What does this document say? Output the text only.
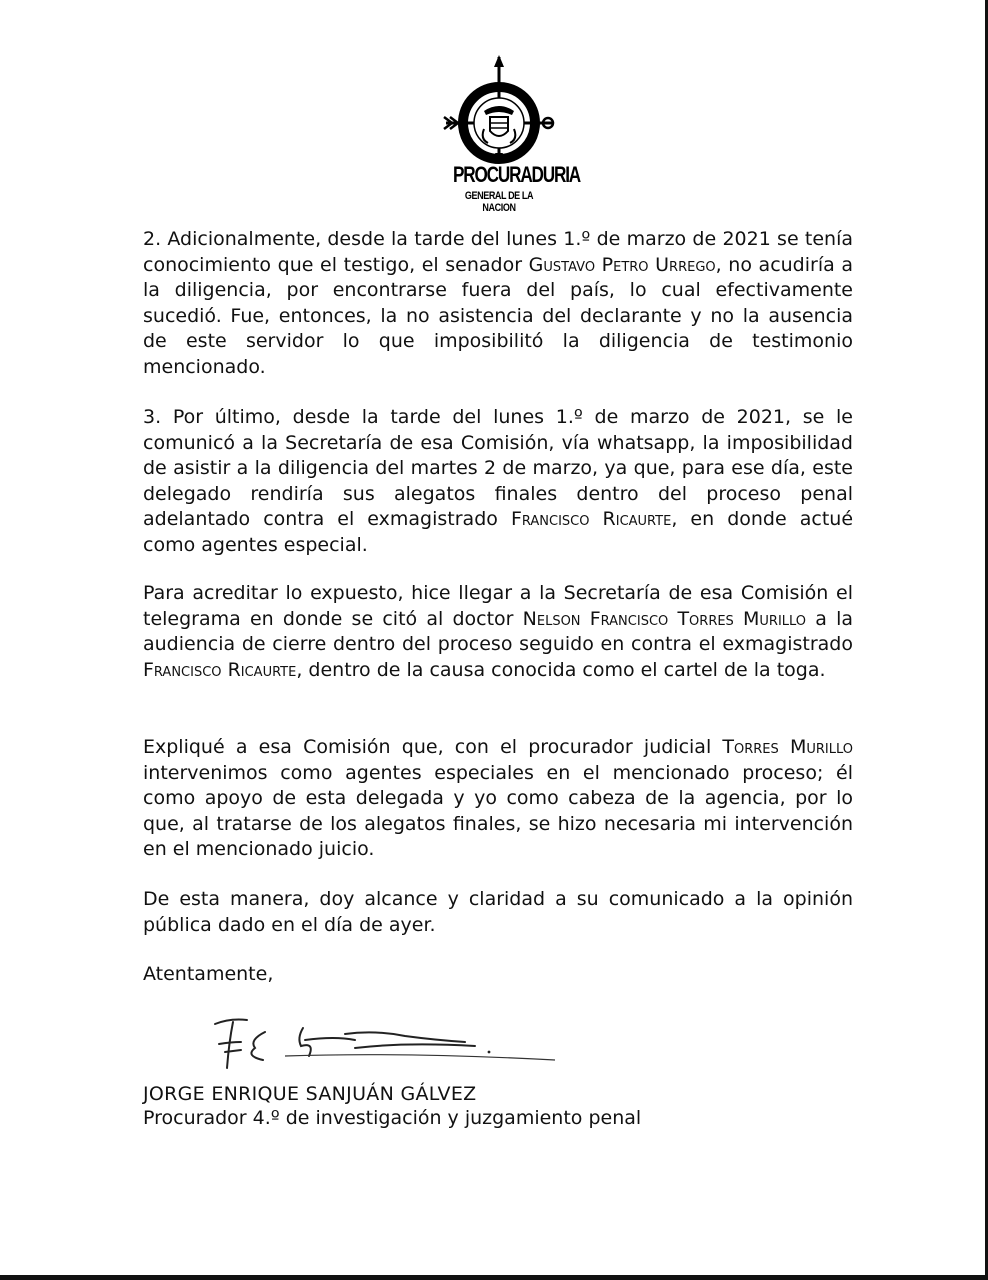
PROCURADURIA
GENERAL DE LA NACION
2. Adicionalmente, desde la tarde del lunes 1.º de marzo de 2021 se tenía conocimiento que el testigo, el senador Gustavo Petro Urrego, no acudiría a la diligencia, por encontrarse fuera del país, lo cual efectivamente sucedió. Fue, entonces, la no asistencia del declarante y no la ausencia de este servidor lo que imposibilitó la diligencia de testimonio mencionado.
3. Por último, desde la tarde del lunes 1.º de marzo de 2021, se le comunicó a la Secretaría de esa Comisión, vía whatsapp, la imposibilidad de asistir a la diligencia del martes 2 de marzo, ya que, para ese día, este delegado rendiría sus alegatos finales dentro del proceso penal adelantado contra el exmagistrado Francisco Ricaurte, en donde actué como agentes especial.
Para acreditar lo expuesto, hice llegar a la Secretaría de esa Comisión el telegrama en donde se citó al doctor Nelson Francisco Torres Murillo a la audiencia de cierre dentro del proceso seguido en contra el exmagistrado Francisco Ricaurte, dentro de la causa conocida como el cartel de la toga.
Expliqué a esa Comisión que, con el procurador judicial Torres Murillo intervenimos como agentes especiales en el mencionado proceso; él como apoyo de esta delegada y yo como cabeza de la agencia, por lo que, al tratarse de los alegatos finales, se hizo necesaria mi intervención en el mencionado juicio.
De esta manera, doy alcance y claridad a su comunicado a la opinión pública dado en el día de ayer.
Atentamente,
JORGE ENRIQUE SANJUÁN GÁLVEZ
Procurador 4.º de investigación y juzgamiento penal
